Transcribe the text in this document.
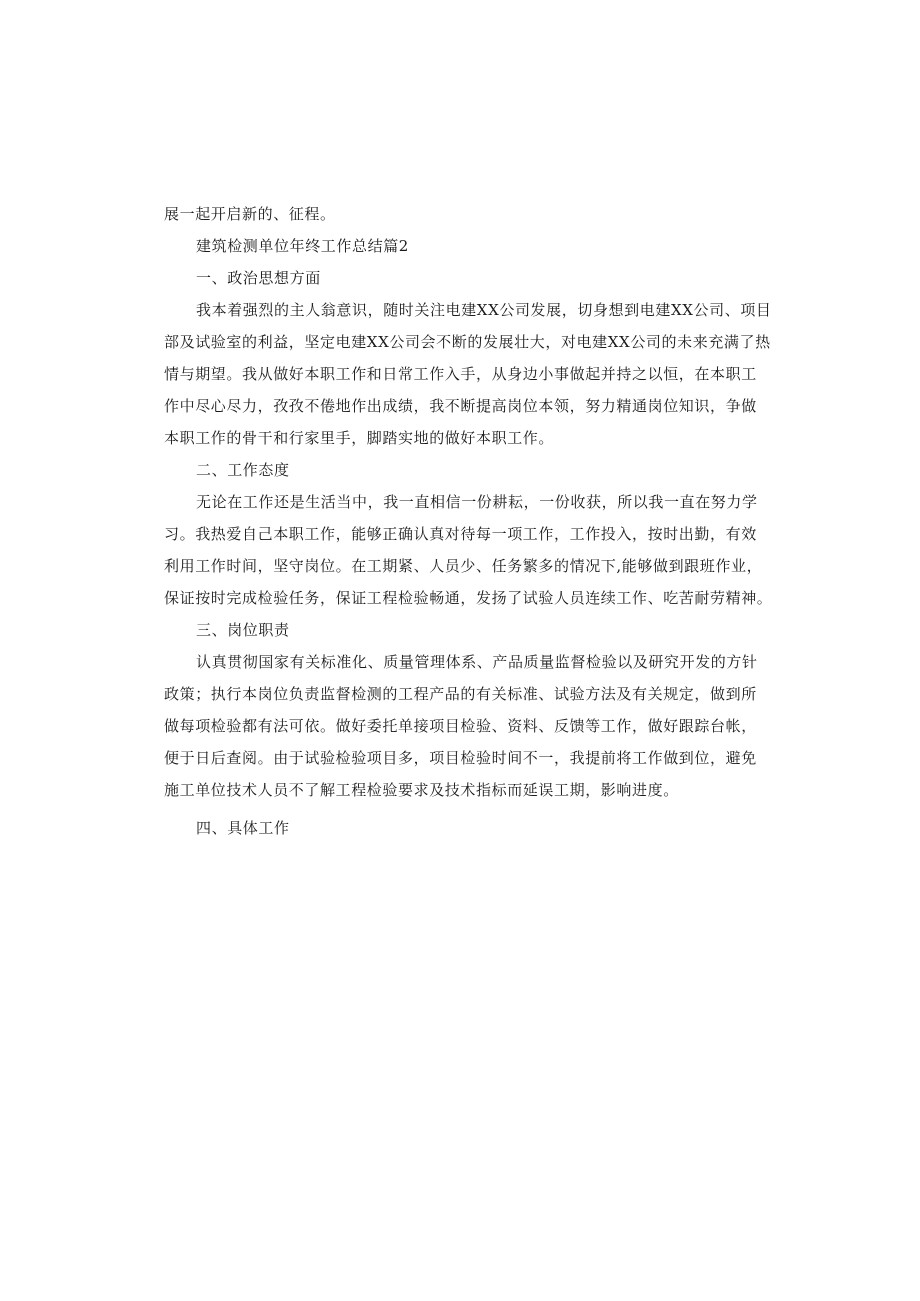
展一起开启新的、征程。
建筑检测单位年终工作总结篇2
一、政治思想方面
我本着强烈的主人翁意识，随时关注电建XX公司发展，切身想到电建XX公司、项目
部及试验室的利益，坚定电建XX公司会不断的发展壮大，对电建XX公司的未来充满了热
情与期望。我从做好本职工作和日常工作入手，从身边小事做起并持之以恒，在本职工
作中尽心尽力，孜孜不倦地作出成绩，我不断提高岗位本领，努力精通岗位知识，争做
本职工作的骨干和行家里手，脚踏实地的做好本职工作。
二、工作态度
无论在工作还是生活当中，我一直相信一份耕耘，一份收获，所以我一直在努力学
习。我热爱自己本职工作，能够正确认真对待每一项工作，工作投入，按时出勤，有效
利用工作时间，坚守岗位。在工期紧、人员少、任务繁多的情况下,能够做到跟班作业，
保证按时完成检验任务，保证工程检验畅通，发扬了试验人员连续工作、吃苦耐劳精神。
三、岗位职责
认真贯彻国家有关标准化、质量管理体系、产品质量监督检验以及研究开发的方针
政策；执行本岗位负责监督检测的工程产品的有关标准、试验方法及有关规定，做到所
做每项检验都有法可依。做好委托单接项目检验、资料、反馈等工作，做好跟踪台帐，
便于日后查阅。由于试验检验项目多，项目检验时间不一，我提前将工作做到位，避免
施工单位技术人员不了解工程检验要求及技术指标而延误工期，影响进度。
四、具体工作
